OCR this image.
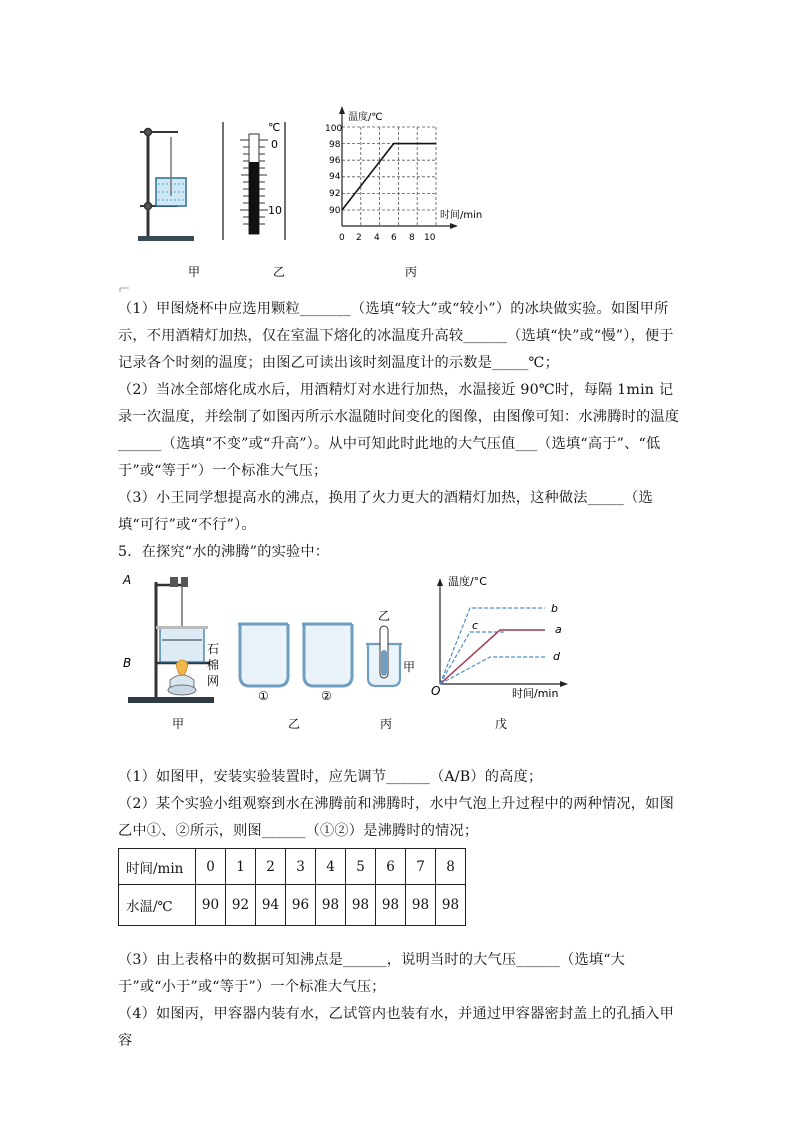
℃
0
10
温度/℃
时间/min
100
98
96
94
92
90
0 2 4 6 8 10
甲	乙	丙
A
B
石
棉
网
①	②
乙
甲
温度/°C
时间/min
O
b
c	a
d
甲	乙	丙	戊
（1）甲图烧杯中应选用颗粒_______（选填“较大”或“较小”）的冰块做实验。如图甲所示，不用酒精灯加热，仅在室温下熔化的冰温度升高较______（选填“快”或“慢”），便于记录各个时刻的温度；由图乙可读出该时刻温度计的示数是_____℃；
（2）当冰全部熔化成水后，用酒精灯对水进行加热，水温接近 90℃时，每隔 1min 记录一次温度，并绘制了如图丙所示水温随时间变化的图像，由图像可知：水沸腾时的温度______（选填“不变”或“升高”）。从中可知此时此地的大气压值___（选填“高于”、“低于”或“等于”）一个标准大气压；
（3）小王同学想提高水的沸点，换用了火力更大的酒精灯加热，这种做法_____（选填“可行”或“不行”）。
5．在探究“水的沸腾”的实验中：
（1）如图甲，安装实验装置时，应先调节______（A/B）的高度；
（2）某个实验小组观察到水在沸腾前和沸腾时，水中气泡上升过程中的两种情况，如图乙中①、②所示，则图______（①②）是沸腾时的情况；
时间/min	0	1	2	3	4	5	6	7	8
水温/℃	90	92	94	96	98	98	98	98	98
（3）由上表格中的数据可知沸点是______，说明当时的大气压______（选填“大于”或“小于”或“等于”）一个标准大气压；
（4）如图丙，甲容器内装有水，乙试管内也装有水，并通过甲容器密封盖上的孔插入甲容
